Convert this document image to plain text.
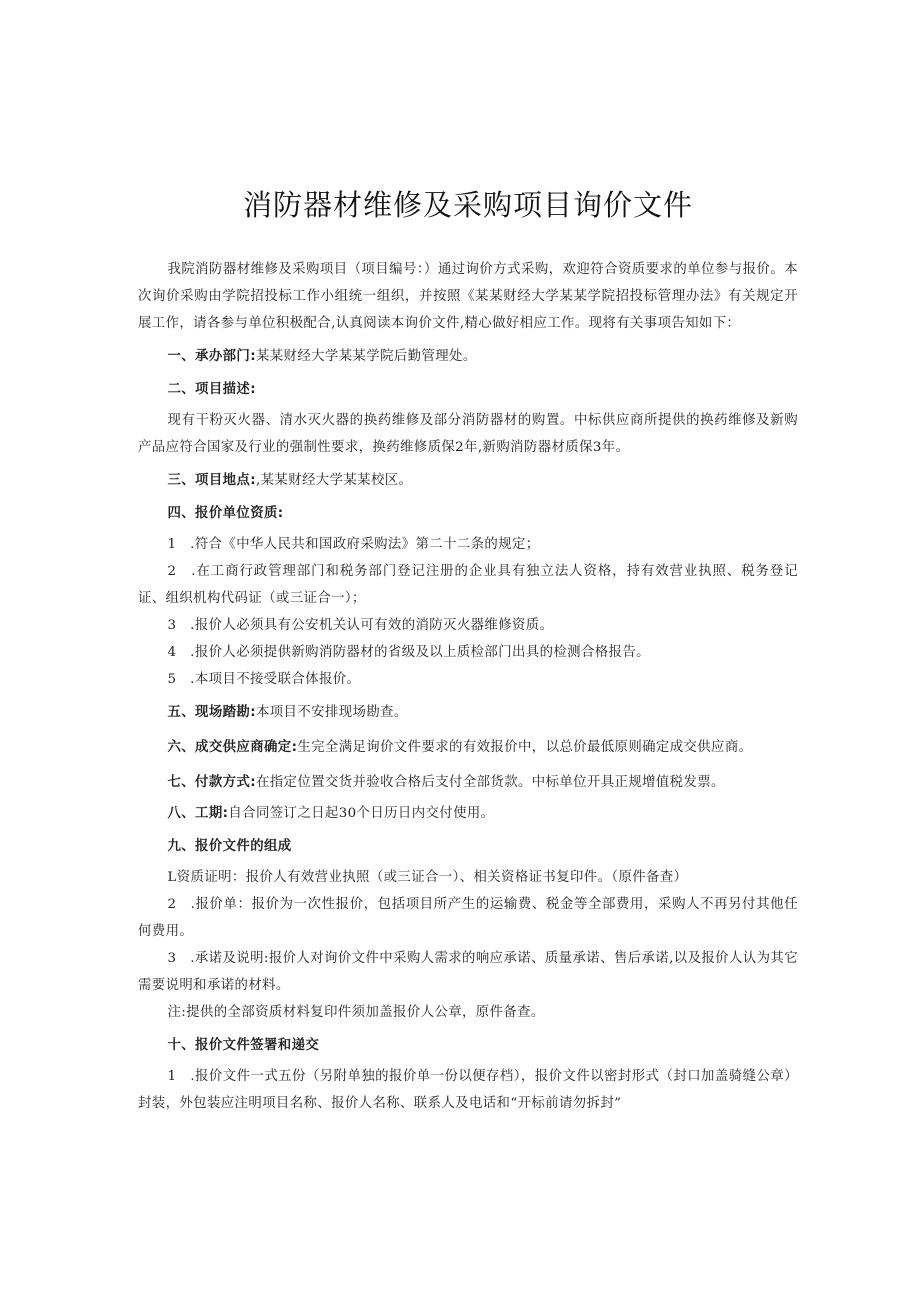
消防器材维修及采购项目询价文件

我院消防器材维修及采购项目（项目编号：）通过询价方式采购，欢迎符合资质要求的单位参与报价。本次询价采购由学院招投标工作小组统一组织，并按照《某某财经大学某某学院招投标管理办法》有关规定开展工作，请各参与单位积极配合,认真阅读本询价文件,精心做好相应工作。现将有关事项告知如下：

一、承办部门:某某财经大学某某学院后勤管理处。

二、项目描述:

现有干粉灭火器、清水灭火器的换药维修及部分消防器材的购置。中标供应商所提供的换药维修及新购产品应符合国家及行业的强制性要求，换药维修质保2年,新购消防器材质保3年。

三、项目地点:,某某财经大学某某校区。

四、报价单位资质:

1　.符合《中华人民共和国政府采购法》第二十二条的规定；

2　.在工商行政管理部门和税务部门登记注册的企业具有独立法人资格，持有效营业执照、税务登记证、组织机构代码证（或三证合一）；

3　.报价人必须具有公安机关认可有效的消防灭火器维修资质。

4　.报价人必须提供新购消防器材的省级及以上质检部门出具的检测合格报告。

5　.本项目不接受联合体报价。

五、现场踏勘:本项目不安排现场勘查。

六、成交供应商确定:生完全满足询价文件要求的有效报价中，以总价最低原则确定成交供应商。

七、付款方式:在指定位置交货并验收合格后支付全部货款。中标单位开具正规增值税发票。

八、工期:自合同签订之日起30个日历日内交付使用。

九、报价文件的组成

L资质证明：报价人有效营业执照（或三证合一）、相关资格证书复印件。（原件备查）

2　.报价单：报价为一次性报价，包括项目所产生的运输费、税金等全部费用，采购人不再另付其他任何费用。

3　.承诺及说明:报价人对询价文件中采购人需求的响应承诺、质量承诺、售后承诺,以及报价人认为其它需要说明和承诺的材料。

注:提供的全部资质材料复印件须加盖报价人公章，原件备查。

十、报价文件签署和递交

1　.报价文件一式五份（另附单独的报价单一份以便存档），报价文件以密封形式（封口加盖骑缝公章）封装，外包装应注明项目名称、报价人名称、联系人及电话和“开标前请勿拆封”
